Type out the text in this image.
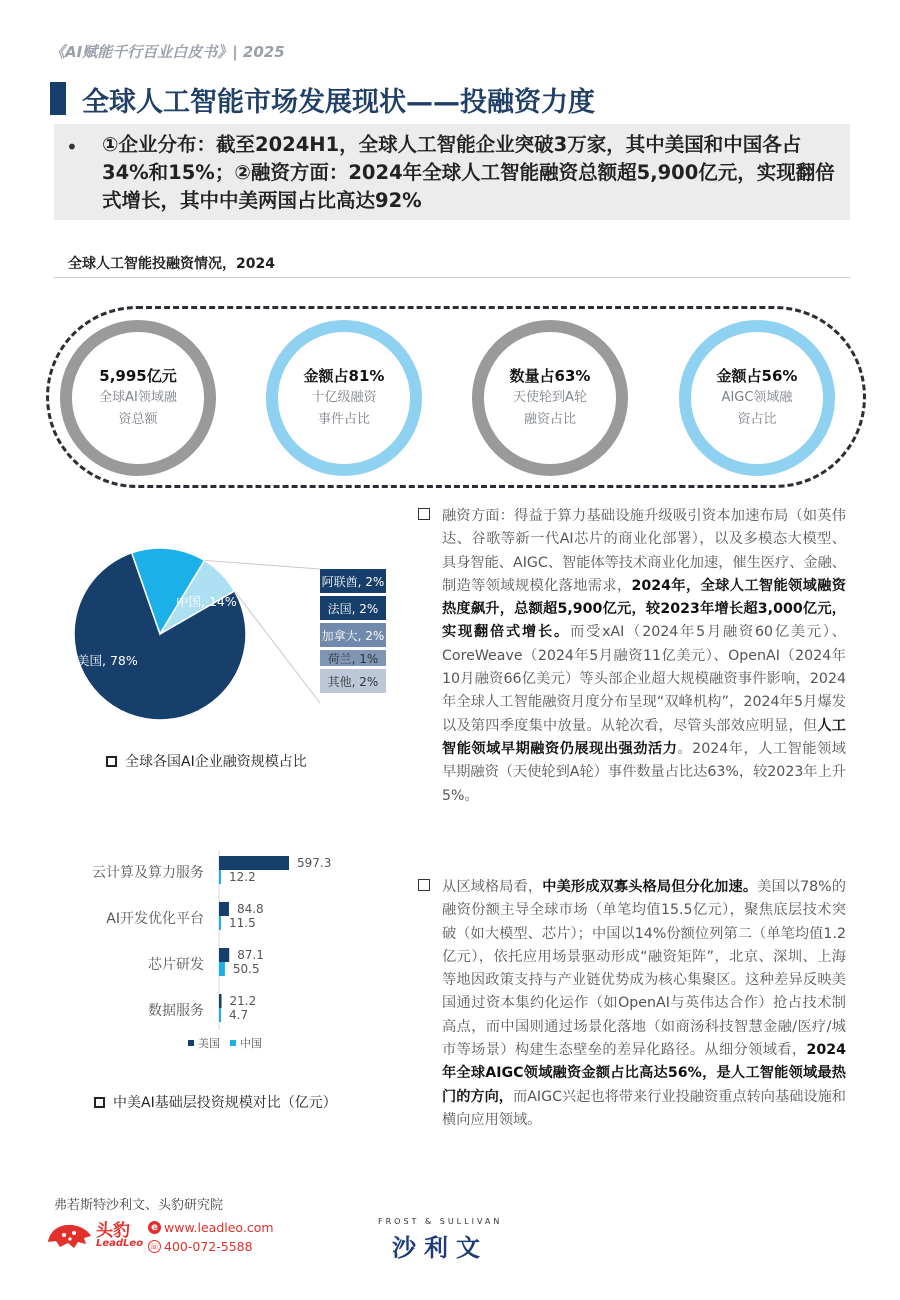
《AI赋能千行百业白皮书》| 2025
全球人工智能市场发展现状——投融资力度
• ①企业分布：截至2024H1，全球人工智能企业突破3万家，其中美国和中国各占34%和15%；②融资方面：2024年全球人工智能融资总额超5,900亿元，实现翻倍式增长，其中中美两国占比高达92%
全球人工智能投融资情况，2024
5,995亿元
全球AI领域融
资总额
金额占81%
十亿级融资
事件占比
数量占63%
天使轮到A轮
融资占比
金额占56%
AIGC领域融
资占比
美国, 78%
中国, 14%
阿联酋, 2%
法国, 2%
加拿大, 2%
荷兰, 1%
其他, 2%
全球各国AI企业融资规模占比
597.3
12.2
云计算及算力服务
84.8
11.5
AI开发优化平台
87.1
50.5
芯片研发
21.2
4.7
数据服务
美国 中国
中美AI基础层投资规模对比（亿元）
融资方面：得益于算力基础设施升级吸引资本加速布局（如英伟达、谷歌等新一代AI芯片的商业化部署），以及多模态大模型、具身智能、AIGC、智能体等技术商业化加速，催生医疗、金融、制造等领域规模化落地需求，2024年，全球人工智能领域融资热度飙升，总额超5,900亿元，较2023年增长超3,000亿元，实现翻倍式增长。而受xAI（2024年5月融资60亿美元）、CoreWeave（2024年5月融资11亿美元）、OpenAI（2024年10月融资66亿美元）等头部企业超大规模融资事件影响，2024年全球人工智能融资月度分布呈现“双峰机构”，2024年5月爆发以及第四季度集中放量。从轮次看，尽管头部效应明显，但人工智能领域早期融资仍展现出强劲活力。2024年，人工智能领域早期融资（天使轮到A轮）事件数量占比达63%，较2023年上升5%。
从区域格局看，中美形成双寡头格局但分化加速。美国以78%的融资份额主导全球市场（单笔均值15.5亿元），聚焦底层技术突破（如大模型、芯片）；中国以14%份额位列第二（单笔均值1.2亿元），依托应用场景驱动形成“融资矩阵”，北京、深圳、上海等地因政策支持与产业链优势成为核心集聚区。这种差异反映美国通过资本集约化运作（如OpenAI与英伟达合作）抢占技术制高点，而中国则通过场景化落地（如商汤科技智慧金融/医疗/城市等场景）构建生态壁垒的差异化路径。从细分领域看，2024年全球AIGC领域融资金额占比高达56%，是人工智能领域最热门的方向，而AIGC兴起也将带来行业投融资重点转向基础设施和横向应用领域。
弗若斯特沙利文、头豹研究院
头豹
LeadLeo
e www.leadleo.com
☏ 400-072-5588
FROST & SULLIVAN
沙利文
